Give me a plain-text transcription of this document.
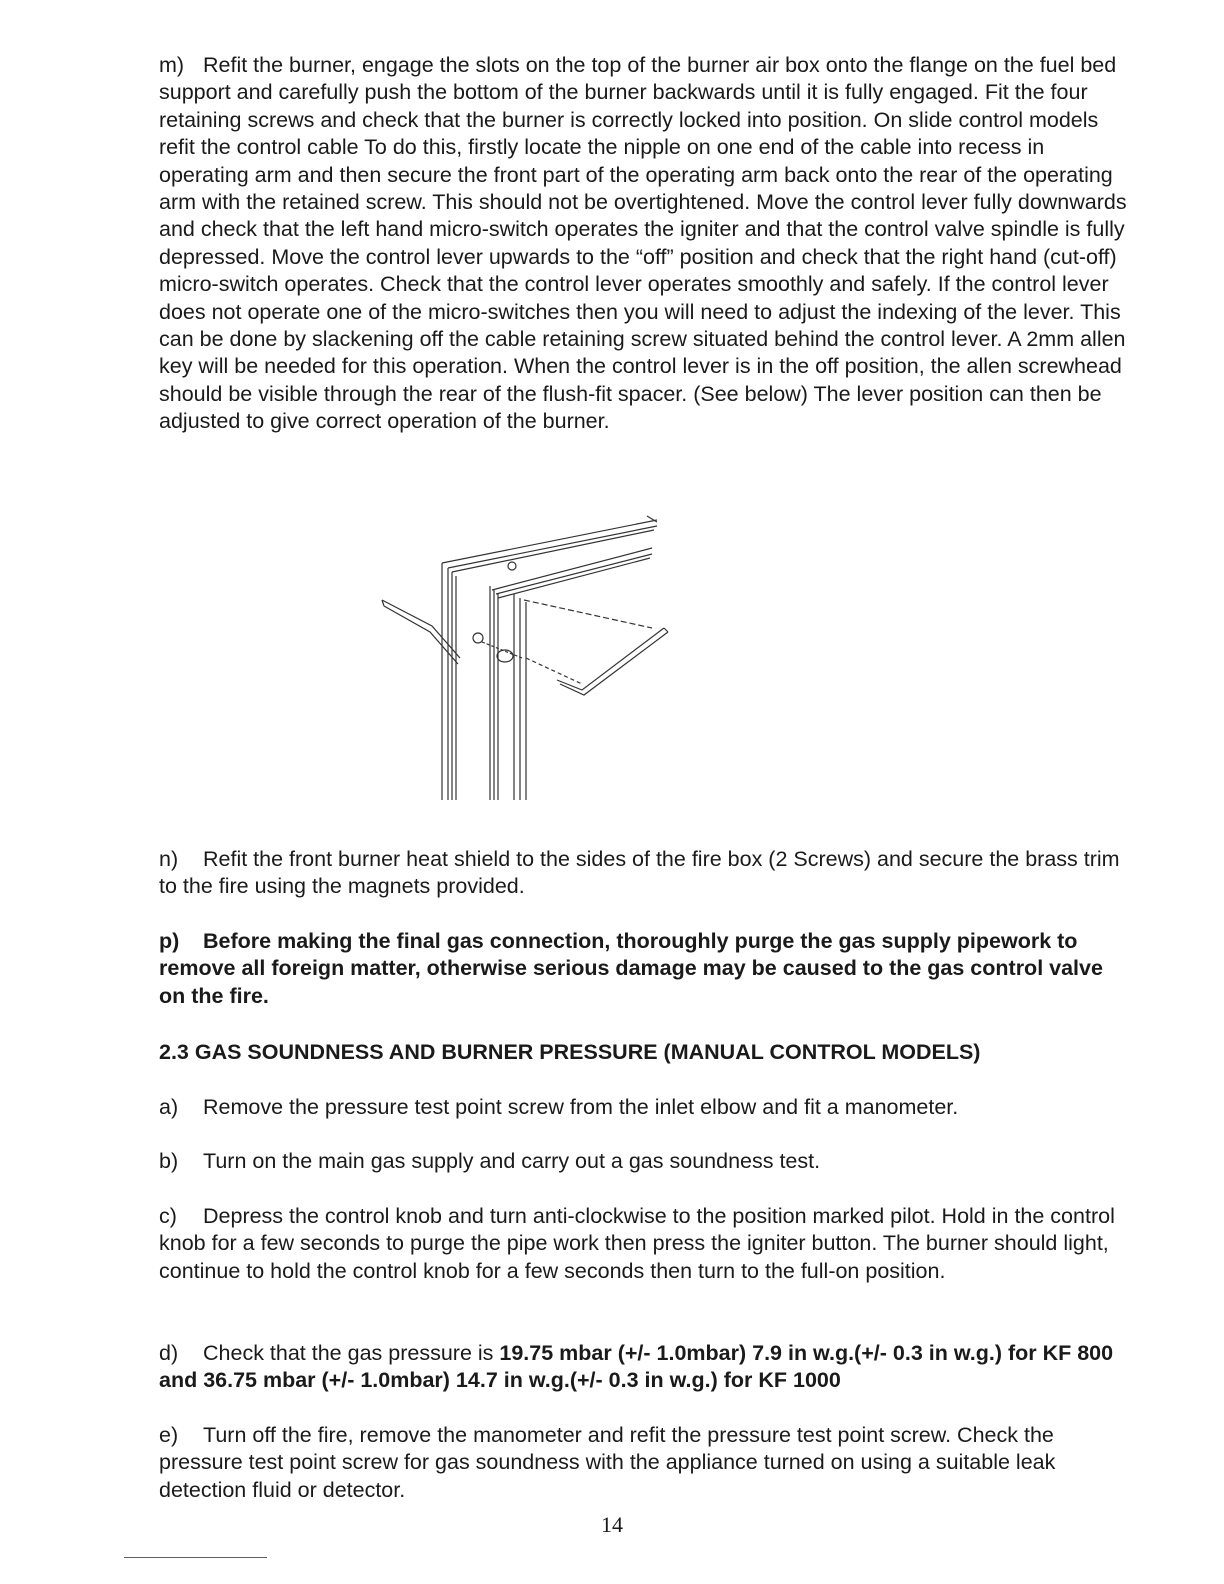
m) Refit the burner, engage the slots on the top of the burner air box onto the flange on the fuel bed support and carefully push the bottom of the burner backwards until it is fully engaged. Fit the four retaining screws and check that the burner is correctly locked into position. On slide control models refit the control cable To do this, firstly locate the nipple on one end of the cable into recess in operating arm and then secure the front part of the operating arm back onto the rear of the operating arm with the retained screw. This should not be overtightened. Move the control lever fully downwards and check that the left hand micro-switch operates the igniter and that the control valve spindle is fully depressed. Move the control lever upwards to the “off” position and check that the right hand (cut-off) micro-switch operates. Check that the control lever operates smoothly and safely. If the control lever does not operate one of the micro-switches then you will need to adjust the indexing of the lever. This can be done by slackening off the cable retaining screw situated behind the control lever. A 2mm allen key will be needed for this operation. When the control lever is in the off position, the allen screwhead should be visible through the rear of the flush-fit spacer. (See below) The lever position can then be adjusted to give correct operation of the burner.

n) Refit the front burner heat shield to the sides of the fire box (2 Screws) and secure the brass trim to the fire using the magnets provided.

p) Before making the final gas connection, thoroughly purge the gas supply pipework to remove all foreign matter, otherwise serious damage may be caused to the gas control valve on the fire.

2.3 GAS SOUNDNESS AND BURNER PRESSURE (MANUAL CONTROL MODELS)

a) Remove the pressure test point screw from the inlet elbow and fit a manometer.

b) Turn on the main gas supply and carry out a gas soundness test.

c) Depress the control knob and turn anti-clockwise to the position marked pilot. Hold in the control knob for a few seconds to purge the pipe work then press the igniter button. The burner should light, continue to hold the control knob for a few seconds then turn to the full-on position.

d) Check that the gas pressure is 19.75 mbar (+/- 1.0mbar) 7.9 in w.g.(+/- 0.3 in w.g.) for KF 800 and 36.75 mbar (+/- 1.0mbar) 14.7 in w.g.(+/- 0.3 in w.g.) for KF 1000

e) Turn off the fire, remove the manometer and refit the pressure test point screw. Check the pressure test point screw for gas soundness with the appliance turned on using a suitable leak detection fluid or detector.

14
